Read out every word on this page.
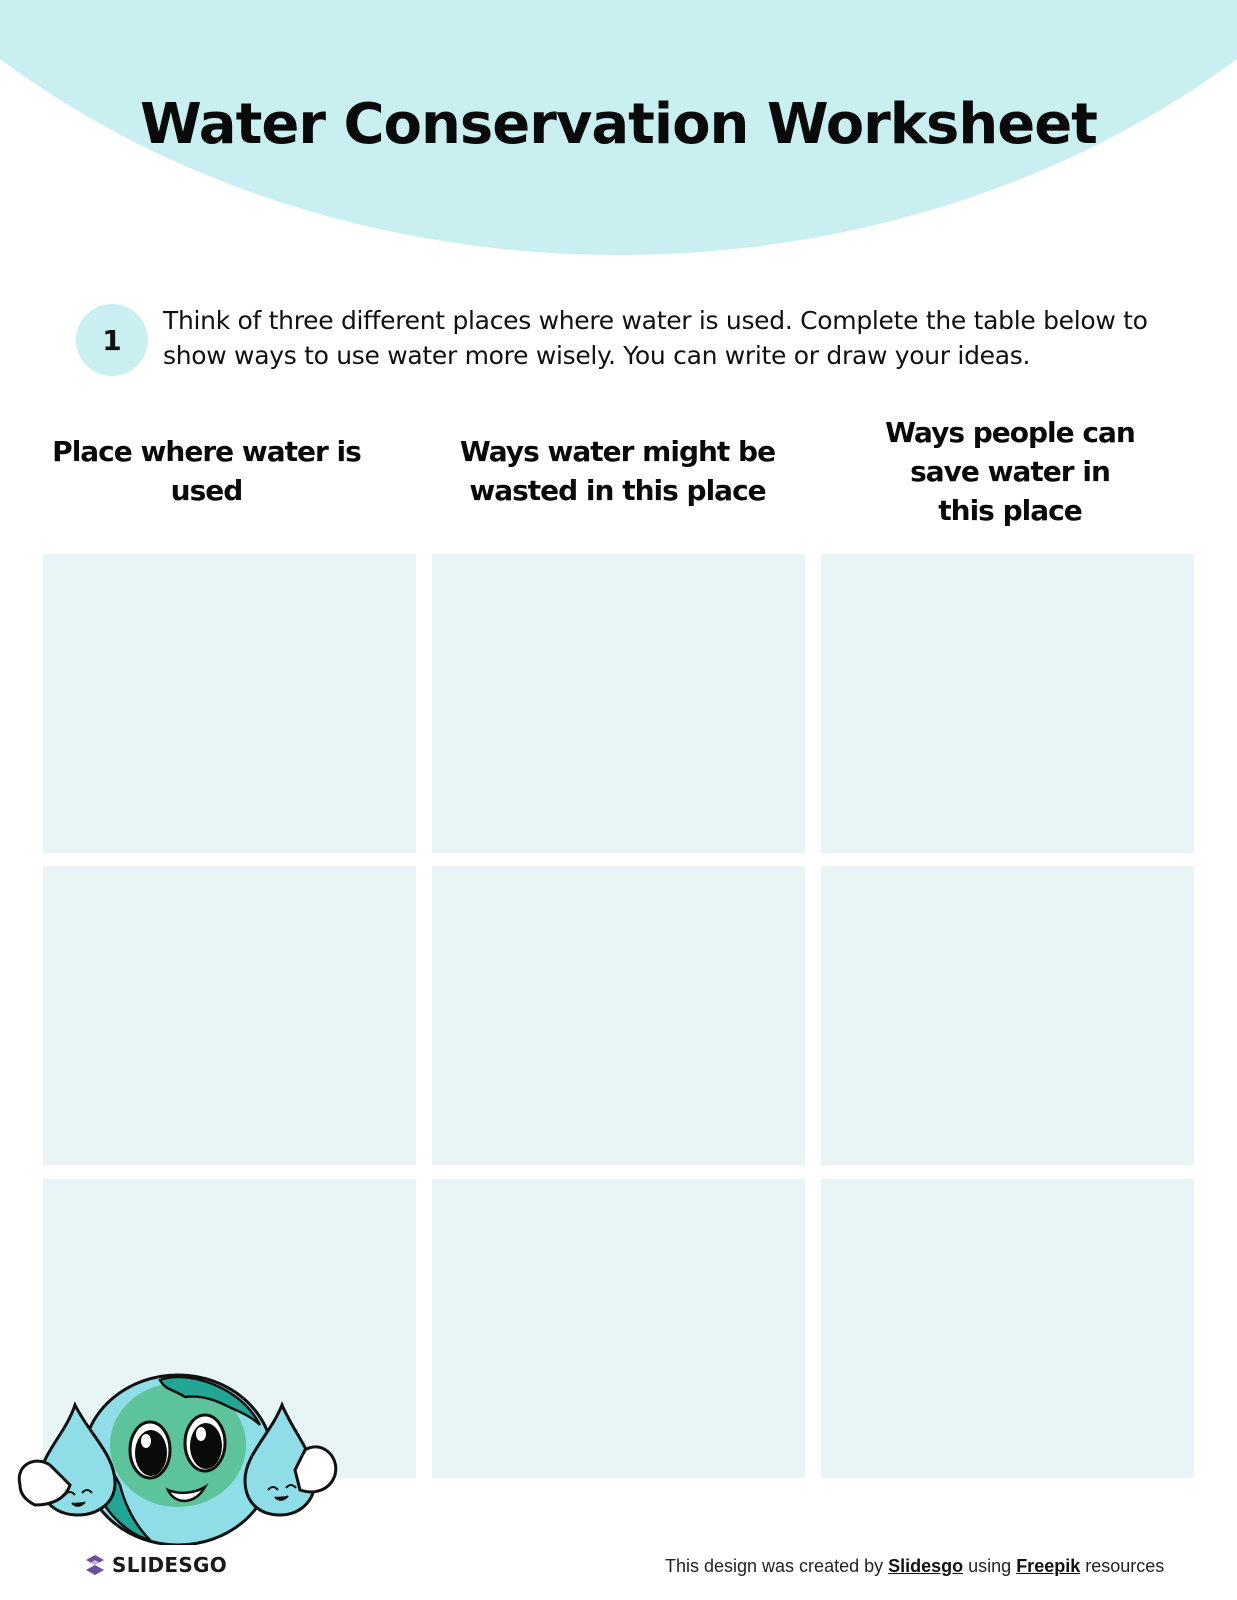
Water Conservation Worksheet
1
Think of three different places where water is used. Complete the table below to show ways to use water more wisely. You can write or draw your ideas.
Place where water is used
Ways water might be wasted in this place
Ways people can save water in this place
SLIDESGO	This design was created by Slidesgo using Freepik resources
